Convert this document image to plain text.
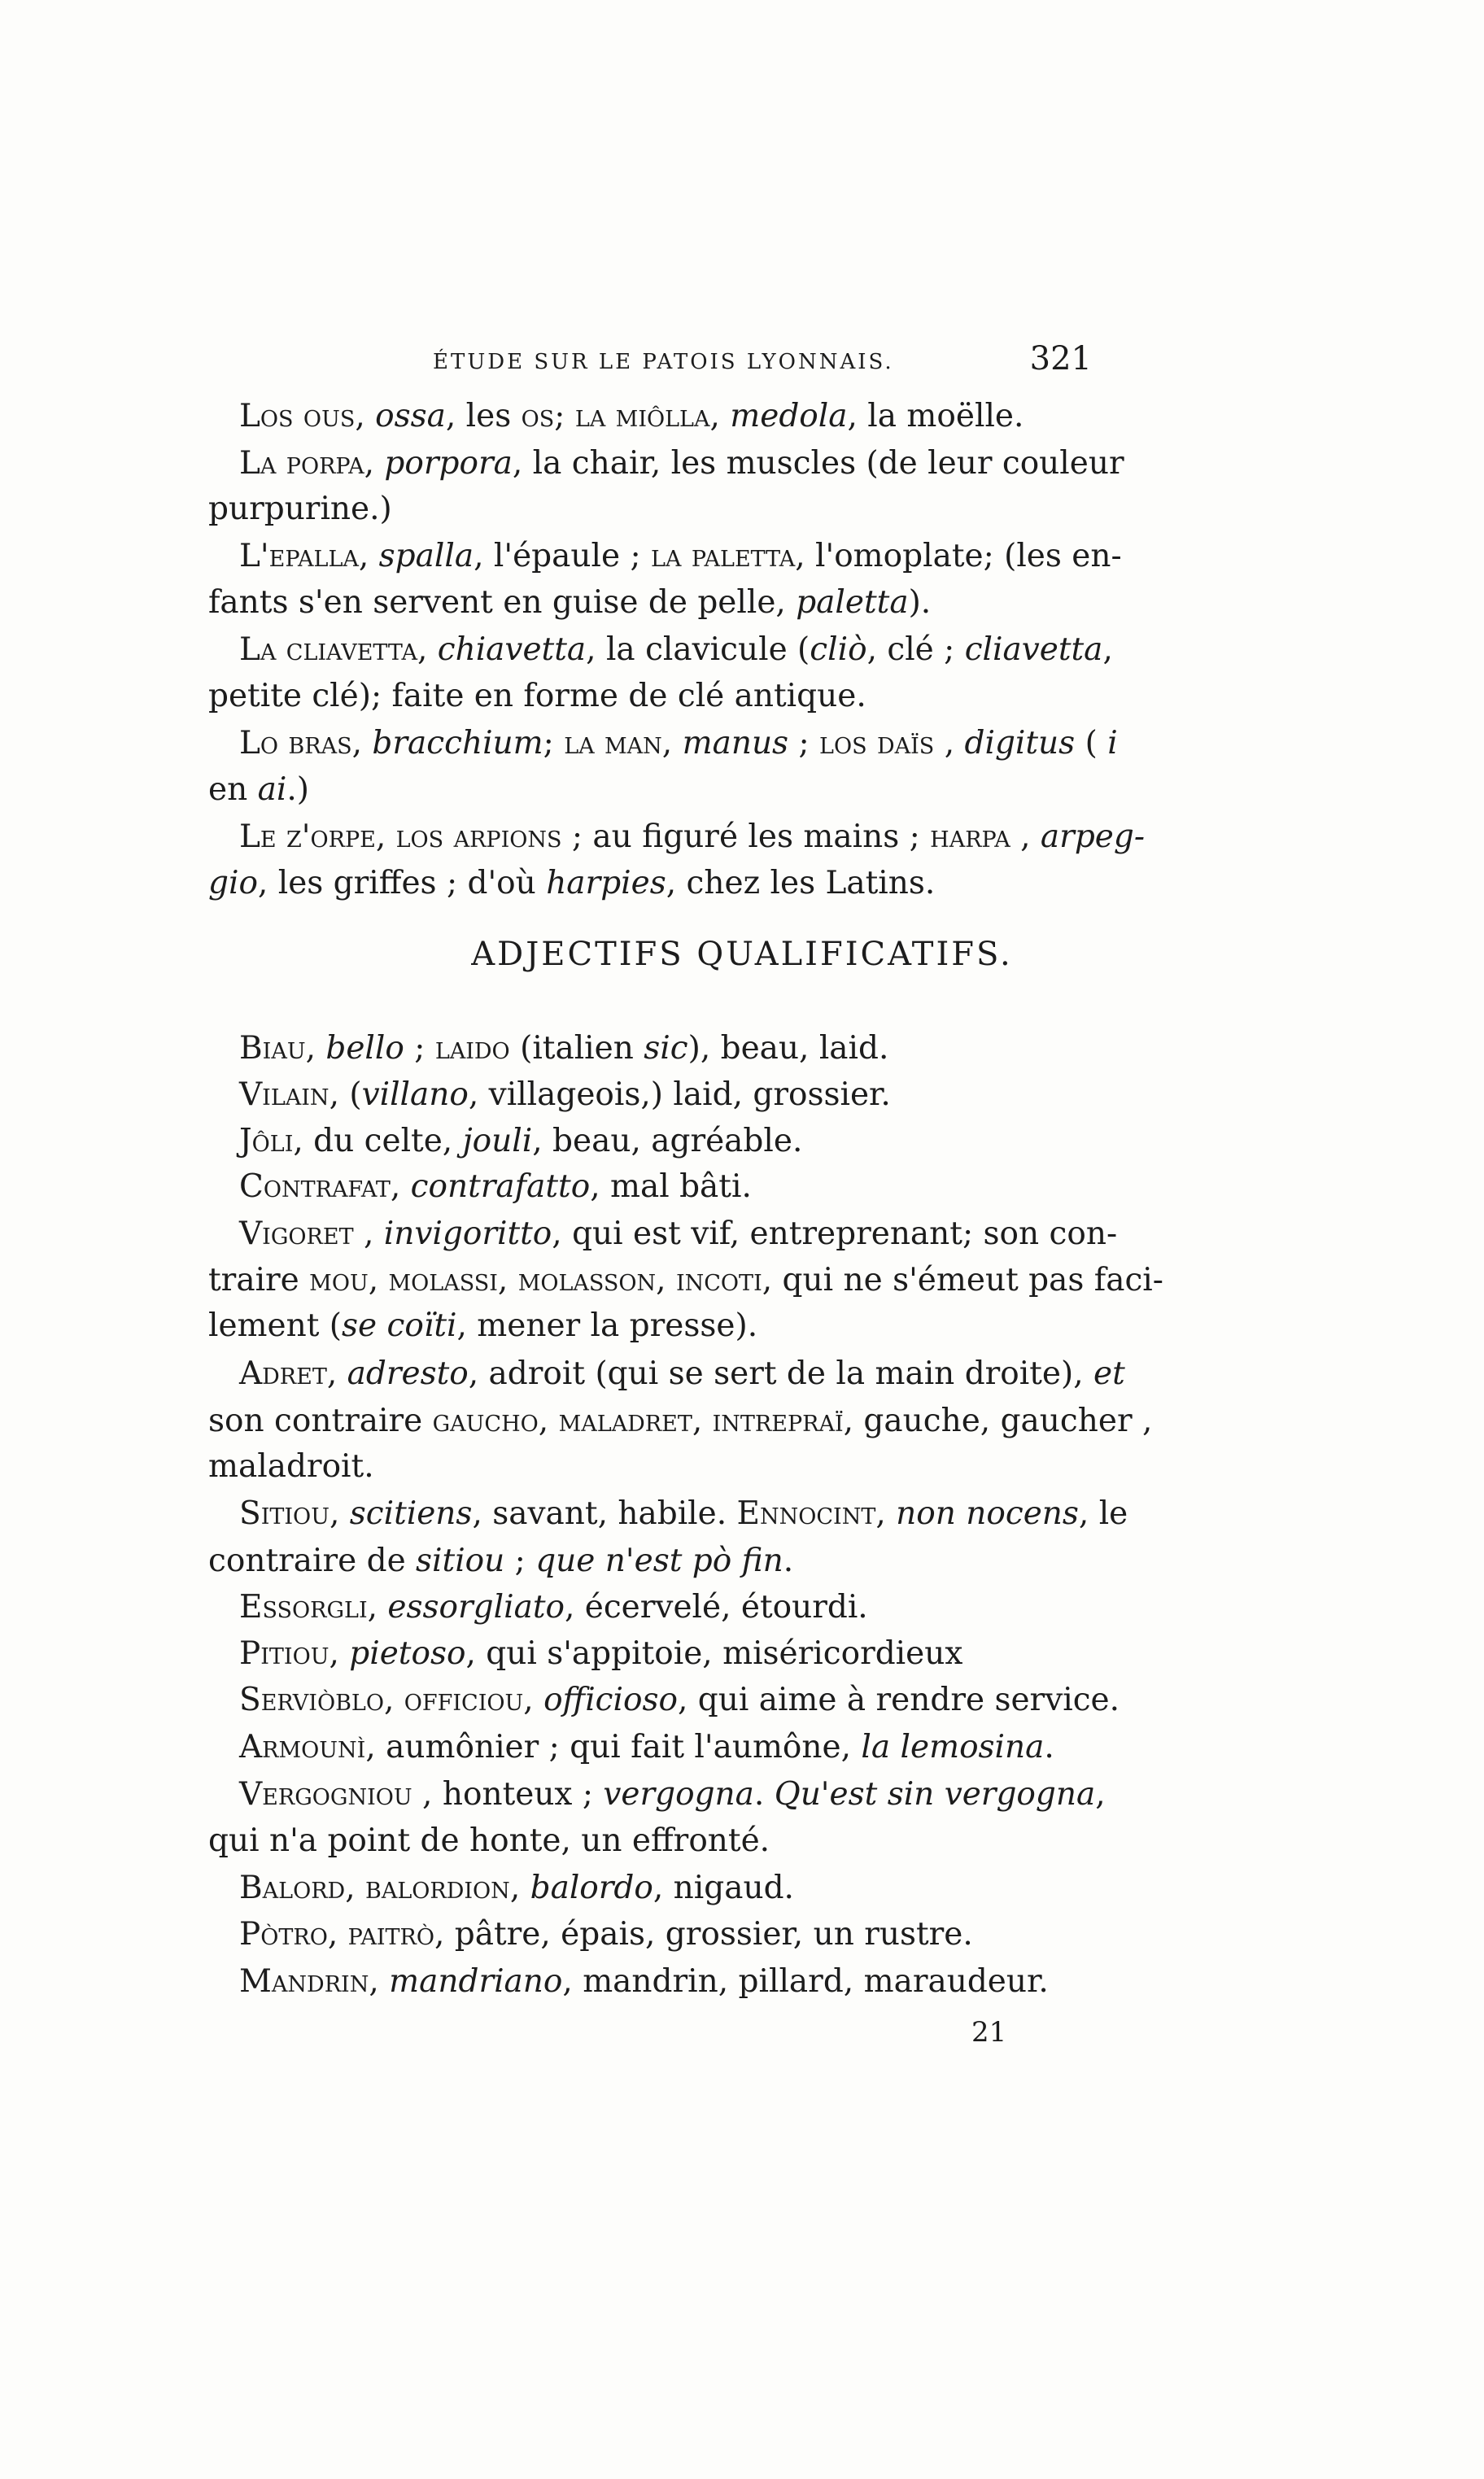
ÉTUDE SUR LE PATOIS LYONNAIS.	321
Los ous, ossa, les os; la miôlla, medola, la moëlle.
La porpa, porpora, la chair, les muscles (de leur couleur
purpurine.)
L'epalla, spalla, l'épaule ; la paletta, l'omoplate; (les en-
fants s'en servent en guise de pelle, paletta).
La cliavetta, chiavetta, la clavicule (cliò, clé ; cliavetta,
petite clé); faite en forme de clé antique.
Lo bras, bracchium; la man, manus ; los daïs , digitus ( i
en ai.)
Le z'orpe, los arpions ; au figuré les mains ; harpa , arpeg-
gio, les griffes ; d'où harpies, chez les Latins.
ADJECTIFS QUALIFICATIFS.
Biau, bello ; laido (italien sic), beau, laid.
Vilain, (villano, villageois,) laid, grossier.
Jôli, du celte, jouli, beau, agréable.
Contrafat, contrafatto, mal bâti.
Vigoret , invigoritto, qui est vif, entreprenant; son con-
traire mou, molassi, molasson, incoti, qui ne s'émeut pas faci-
lement (se coïti, mener la presse).
Adret, adresto, adroit (qui se sert de la main droite), et
son contraire gaucho, maladret, intrepraï, gauche, gaucher ,
maladroit.
Sitiou, scitiens, savant, habile. Ennocint, non nocens, le
contraire de sitiou ; que n'est pò fin.
Essorgli, essorgliato, écervelé, étourdi.
Pitiou, pietoso, qui s'appitoie, miséricordieux
Serviòblo, officiou, officioso, qui aime à rendre service.
Armounì, aumônier ; qui fait l'aumône, la lemosina.
Vergogniou , honteux ; vergogna. Qu'est sin vergogna,
qui n'a point de honte, un effronté.
Balord, balordion, balordo, nigaud.
Pòtro, paitrò, pâtre, épais, grossier, un rustre.
Mandrin, mandriano, mandrin, pillard, maraudeur.
21
